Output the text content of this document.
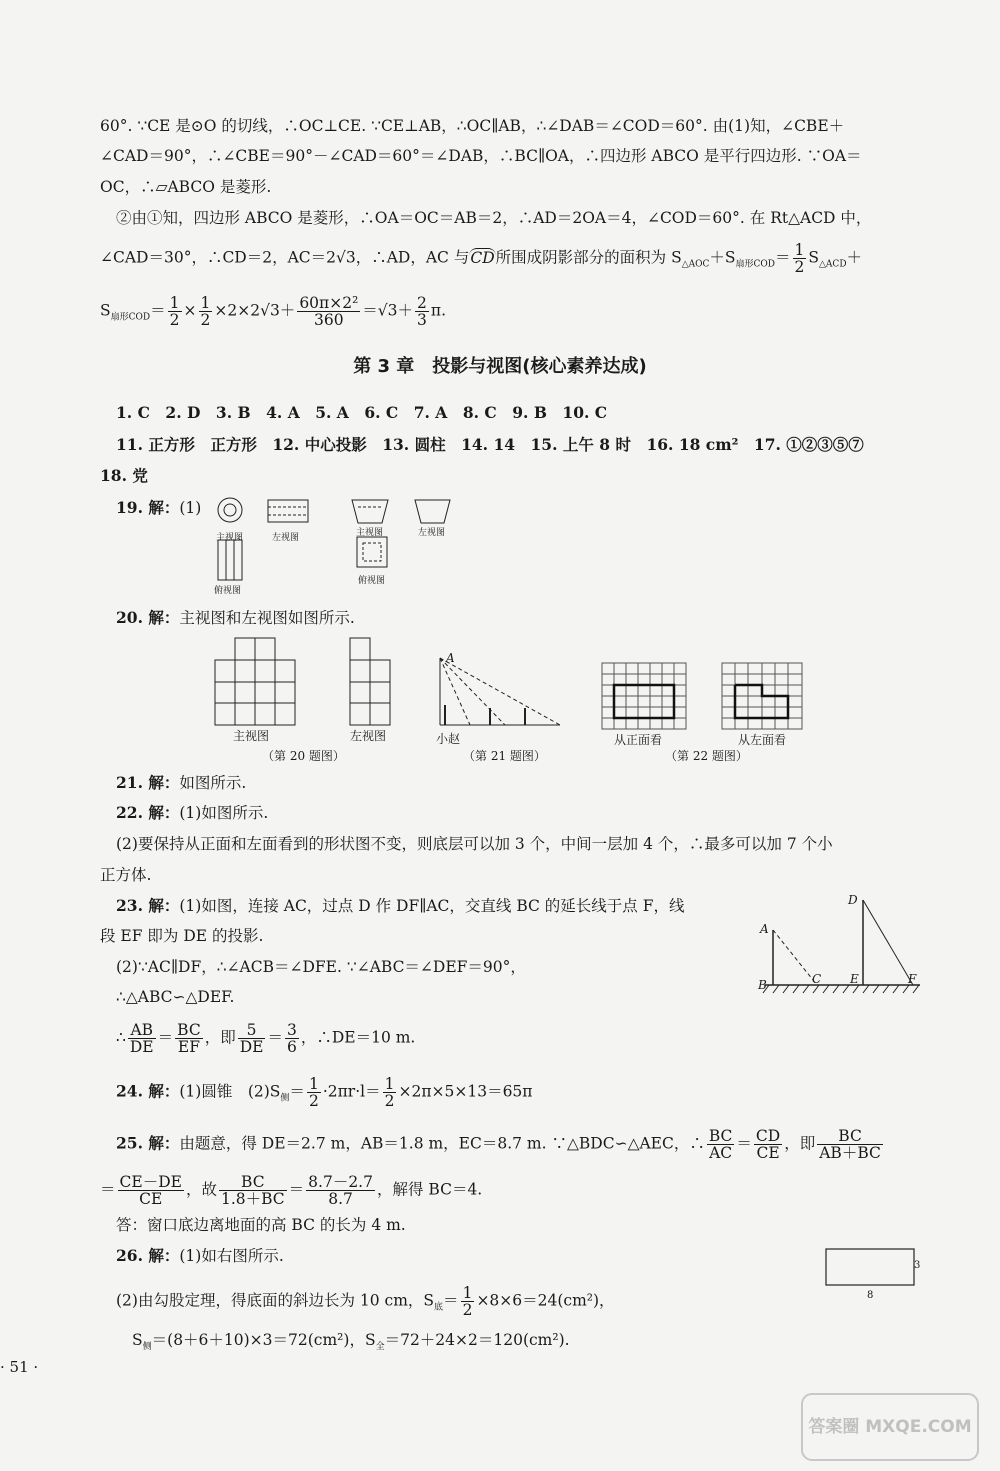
60°. ∵CE 是⊙O 的切线，∴OC⊥CE. ∵CE⊥AB，∴OC∥AB，∴∠DAB＝∠COD＝60°. 由(1)知，∠CBE＋
∠CAD＝90°，∴∠CBE＝90°－∠CAD＝60°＝∠DAB，∴BC∥OA，∴四边形 ABCO 是平行四边形. ∵OA＝
OC，∴▱ABCO 是菱形.
②由①知，四边形 ABCO 是菱形，∴OA＝OC＝AB＝2，∴AD＝2OA＝4，∠COD＝60°. 在 Rt△ACD 中，
∠CAD＝30°，∴CD＝2，AC＝2√3，∴AD，AC 与CD所围成阴影部分的面积为 $S_{\triangle AOC}+S_{扇形COD}= \frac{1}{2} S_{\triangle ACD}+$
$S_{扇形COD}= \frac{1}{2} \times \frac{1}{2} \times 2\times 2√3+ \frac{\text{60π×2²}}{360} =√3+ \frac{2}{3} \pi$.
第 3 章　投影与视图(核心素养达成)
1. C　2. D　3. B　4. A　5. A　6. C　7. A　8. C　9. B　10. C
11. 正方形　正方形　12. 中心投影　13. 圆柱　14. 14　15. 上午 8 时　16. 18 cm²　17. ①②③⑤⑦
18. 党
19. 解：(1)
主视图	左视图
俯视图
主视图	左视图
俯视图
20. 解：主视图和左视图如图所示.
主视图	左视图
（第 20 题图）
A
小赵
（第 21 题图）
从正面看	从左面看
（第 22 题图）
21. 解：如图所示.
22. 解：(1)如图所示.
(2)要保持从正面和左面看到的形状图不变，则底层可以加 3 个，中间一层加 4 个，∴最多可以加 7 个小
正方体.
23. 解：(1)如图，连接 AC，过点 D 作 DF∥AC，交直线 BC 的延长线于点 F，线
段 EF 即为 DE 的投影.
(2)∵AC∥DF，∴∠ACB＝∠DFE. ∵∠ABC＝∠DEF＝90°，
∴△ABC∽△DEF.
∴ $\frac{AB}{DE} = \frac{BC}{EF}$ ，即 $\frac{5}{DE} = \frac{3}{6}$ ，∴DE＝10 m.
A
B	C
D
E	F
24. 解：(1)圆锥　$(2)S_侧= \frac{1}{2} \cdot 2\pi r\cdot l= \frac{1}{2} \times 2\pi\times 5\times 13=65\pi$
25. 解：由题意，得 DE＝2.7 m，AB＝1.8 m，EC＝8.7 m. ∵△BDC∽△AEC，∴ $\frac{BC}{AC} = \frac{CD}{CE}$ ，即 $\frac{BC}{AB+BC}$
＝ $\frac{CE-DE}{CE}$ ，故 $\frac{BC}{1.8+BC} = \frac{8.7-2.7}{8.7}$ ，解得 BC＝4.
答：窗口底边离地面的高 BC 的长为 4 m.
26. 解：(1)如右图所示.
(2)由勾股定理，得底面的斜边长为 10 cm，$S_底= \frac{1}{2} \times 8\times 6=24(cm^2)$，
$S_侧=(8+6+10)\times 3=72(cm^2)$，$S_全=72+24\times 2=120(cm^2)$.
3
8
· 51 ·
答案圈 MXQE.COM
